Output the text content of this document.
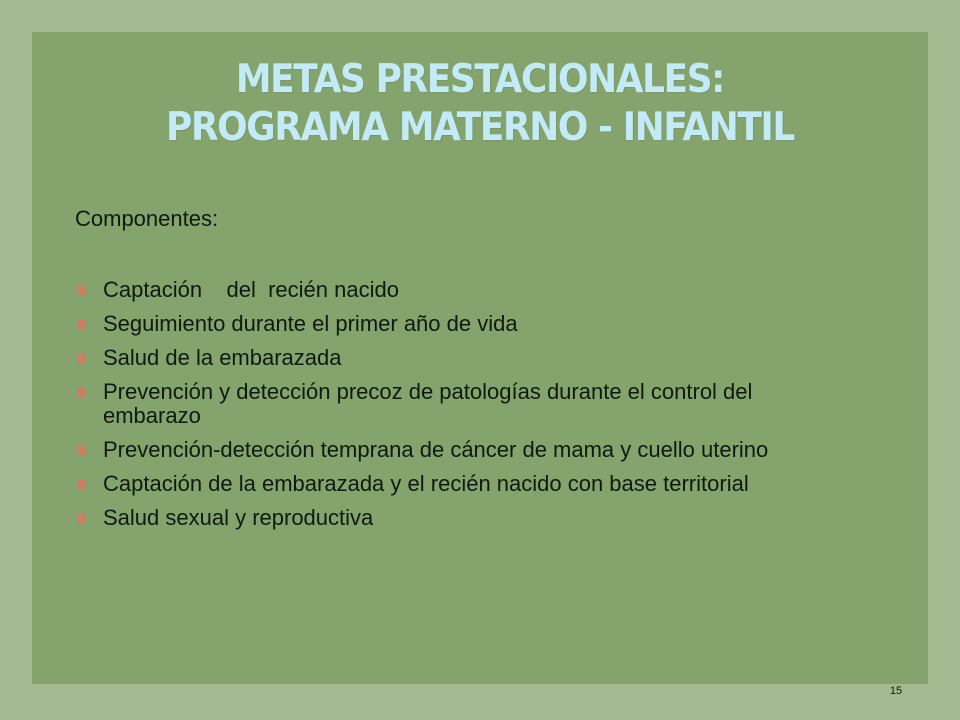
METAS PRESTACIONALES:
PROGRAMA MATERNO - INFANTIL
Componentes:
Captación    del  recién nacido
Seguimiento durante el primer año de vida
Salud de la embarazada
Prevención y detección precoz de patologías durante el control del embarazo
Prevención-detección temprana de cáncer de mama y cuello uterino
Captación de la embarazada y el recién nacido con base territorial
Salud sexual y reproductiva
15
